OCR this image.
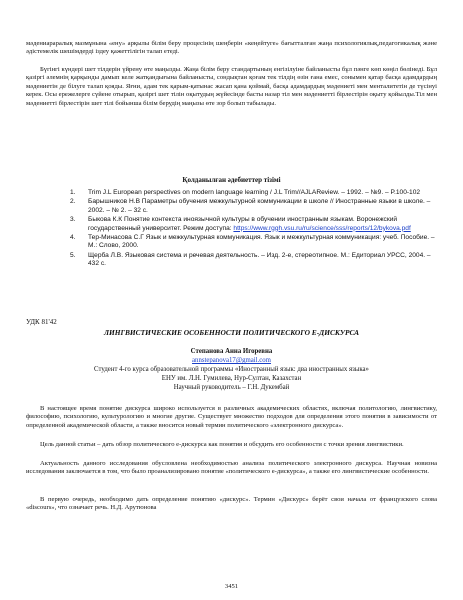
мәдениараралық мазмұнына «ену» арқылы білім беру процесінің шеңберін «кеңейтуге» бағытталған жаңа психологиялық,педагогикалық және әдістемелік шешімдерді іздеу қажеттілігін талап етеді.

Бүгінгі күндері шет тілдерін үйрену өте маңызды. Жаңа білім беру стандартының енгізілуіне байланысты бұл пәнге көп көңіл бөлінеді. Бұл қазіргі әлемнің қарқынды дамып келе жатқандығына байланысты, сондықтан қоғам тек тілдің өзін ғана емес, сонымен қатар басқа адамдардың мәдениетін де білуге талап қояды. Яғни, адам тек қарым-қатынас жасап қана қоймай, басқа адамдардың мәдениеті мен менталитетін де түсінуі керек. Осы ережелерге сүйене отырып, қазіргі шет тілін оқытудың жүйесінде басты назар тіл мен мәдениетті бірлестірін оқыту қойылды.Тіл мен мәдениетті бірлестірін шет тілі бойынша білім берудің маңызы өте зор болып табылады.

Қолданылған әдебиеттер тізімі
1. Trim J.L European perspectives on modern language learning / J.L Trim//AJLAReview. – 1992. – №9. – P.100-102
2. Барышников Н.В Параметры обучения межкультурной коммуникации в школе // Иностранные языки в школе. – 2002. – № 2. – 32 с.
3. Быкова К.К Понятие контекста иноязычной культуры в обучении иностранным языкам. Воронежский государственный университет. Режим доступа: https://www.rggh.vsu.ru/ru/science/sss/reports/12/bykova.pdf
4. Тер-Минасова С.Г Язык и межкультурная коммуникация. Язык и межкультурная коммуникация: учеб. Пособие. – М.: Слово, 2000.
5. Щерба Л.В. Языковая система и речевая деятельность. – Изд. 2-е, стереотипное. М.: Едиториал УРСС, 2004. – 432 с.
УДК 81'42
ЛИНГВИСТИЧЕСКИЕ ОСОБЕННОСТИ ПОЛИТИЧЕСКОГО Е-ДИСКУРСА
Степанова Анна Игоревна
annstepanova17@gmail.com
Студент 4-го курса образовательной программы «Иностранный язык: два иностранных языка»
ЕНУ им. Л.Н. Гумилева, Нур-Султан, Казахстан
Научный руководитель – Г.Н. Дукембай

В настоящее время понятие дискурса широко используется в различных академических областях, включая политологию, лингвистику, философию, психологию, культурологию и многие другие. Существует множество подходов для определения этого понятия в зависимости от определенной академической области, а также вносится новый термин политического «электронного дискурса».

Цель данной статьи – дать обзор политического е-дискурса как понятия и обсудить его особенности с точки зрения лингвистики.

Актуальность данного исследования обусловлена необходимостью анализа политического электронного дискурса. Научная новизна исследования заключается в том, что было проанализировано понятие «политического е-дискурса», а также его лингвистические особенности.

В первую очередь, необходимо дать определение понятию «дискурс». Термин «Дискурс» берёт свои начала от французского слова «discours», что означает речь. Н.Д. Арутюнова

3451
